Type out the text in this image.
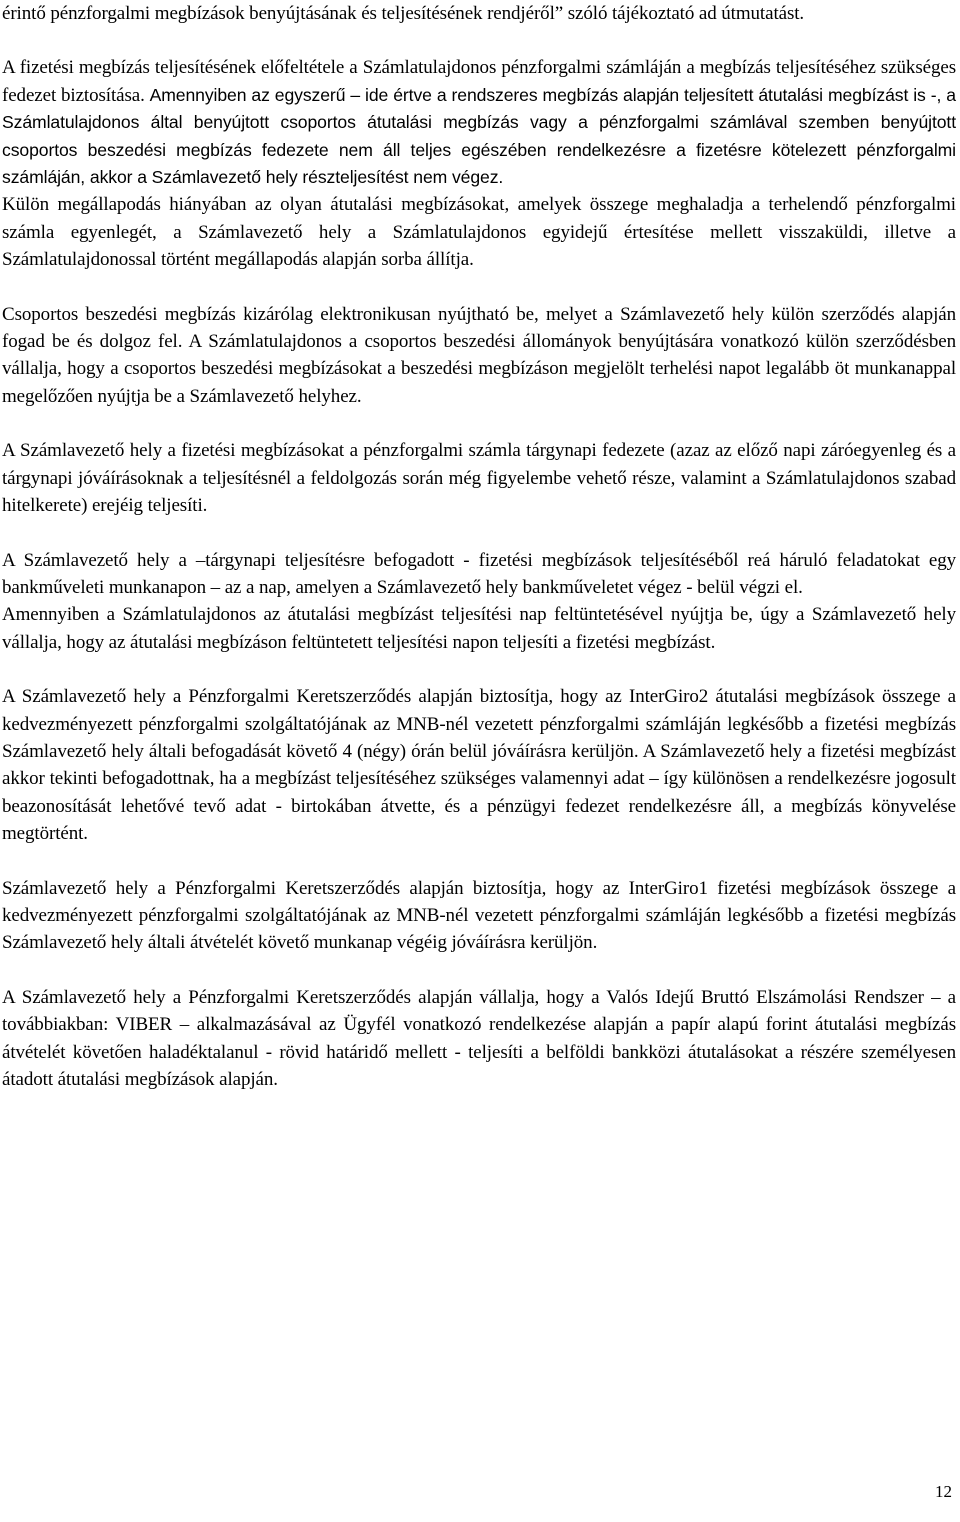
érintő pénzforgalmi megbízások benyújtásának és teljesítésének rendjéről” szóló tájékoztató ad útmutatást.

A fizetési megbízás teljesítésének előfeltétele a Számlatulajdonos pénzforgalmi számláján a megbízás teljesítéséhez szükséges fedezet biztosítása. Amennyiben az egyszerű – ide értve a rendszeres megbízás alapján teljesített átutalási megbízást is -, a Számlatulajdonos által benyújtott csoportos átutalási megbízás vagy a pénzforgalmi számlával szemben benyújtott csoportos beszedési megbízás fedezete nem áll teljes egészében rendelkezésre a fizetésre kötelezett pénzforgalmi számláján, akkor a Számlavezető hely részteljesítést nem végez.

Külön megállapodás hiányában az olyan átutalási megbízásokat, amelyek összege meghaladja a terhelendő pénzforgalmi számla egyenlegét, a Számlavezető hely a Számlatulajdonos egyidejű értesítése mellett visszaküldi, illetve a Számlatulajdonossal történt megállapodás alapján sorba állítja.

Csoportos beszedési megbízás kizárólag elektronikusan nyújtható be, melyet a Számlavezető hely külön szerződés alapján fogad be és dolgoz fel. A Számlatulajdonos a csoportos beszedési állományok benyújtására vonatkozó külön szerződésben vállalja, hogy a csoportos beszedési megbízásokat a beszedési megbízáson megjelölt terhelési napot legalább öt munkanappal megelőzően nyújtja be a Számlavezető helyhez.

A Számlavezető hely a fizetési megbízásokat a pénzforgalmi számla tárgynapi fedezete (azaz az előző napi záróegyenleg és a tárgynapi jóváírásoknak a teljesítésnél a feldolgozás során még figyelembe vehető része, valamint a Számlatulajdonos szabad hitelkerete) erejéig teljesíti.

A Számlavezető hely a –tárgynapi teljesítésre befogadott - fizetési megbízások teljesítéséből reá háruló feladatokat egy bankműveleti munkanapon – az a nap, amelyen a Számlavezető hely bankműveletet végez - belül végzi el.

Amennyiben a Számlatulajdonos az átutalási megbízást teljesítési nap feltüntetésével nyújtja be, úgy a Számlavezető hely vállalja, hogy az átutalási megbízáson feltüntetett teljesítési napon teljesíti a fizetési megbízást.

A Számlavezető hely a Pénzforgalmi Keretszerződés alapján biztosítja, hogy az InterGiro2 átutalási megbízások összege a kedvezményezett pénzforgalmi szolgáltatójának az MNB-nél vezetett pénzforgalmi számláján legkésőbb a fizetési megbízás Számlavezető hely általi befogadását követő 4 (négy) órán belül jóváírásra kerüljön. A Számlavezető hely a fizetési megbízást akkor tekinti befogadottnak, ha a megbízást teljesítéséhez szükséges valamennyi adat – így különösen a rendelkezésre jogosult beazonosítását lehetővé tevő adat - birtokában átvette, és a pénzügyi fedezet rendelkezésre áll, a megbízás könyvelése megtörtént.

Számlavezető hely a Pénzforgalmi Keretszerződés alapján biztosítja, hogy az InterGiro1 fizetési megbízások összege a kedvezményezett pénzforgalmi szolgáltatójának az MNB-nél vezetett pénzforgalmi számláján legkésőbb a fizetési megbízás Számlavezető hely általi átvételét követő munkanap végéig jóváírásra kerüljön.

A Számlavezető hely a Pénzforgalmi Keretszerződés alapján vállalja, hogy a Valós Idejű Bruttó Elszámolási Rendszer – a továbbiakban: VIBER – alkalmazásával az Ügyfél vonatkozó rendelkezése alapján a papír alapú forint átutalási megbízás átvételét követően haladéktalanul - rövid határidő mellett - teljesíti a belföldi bankközi átutalásokat a részére személyesen átadott átutalási megbízások alapján.

12
